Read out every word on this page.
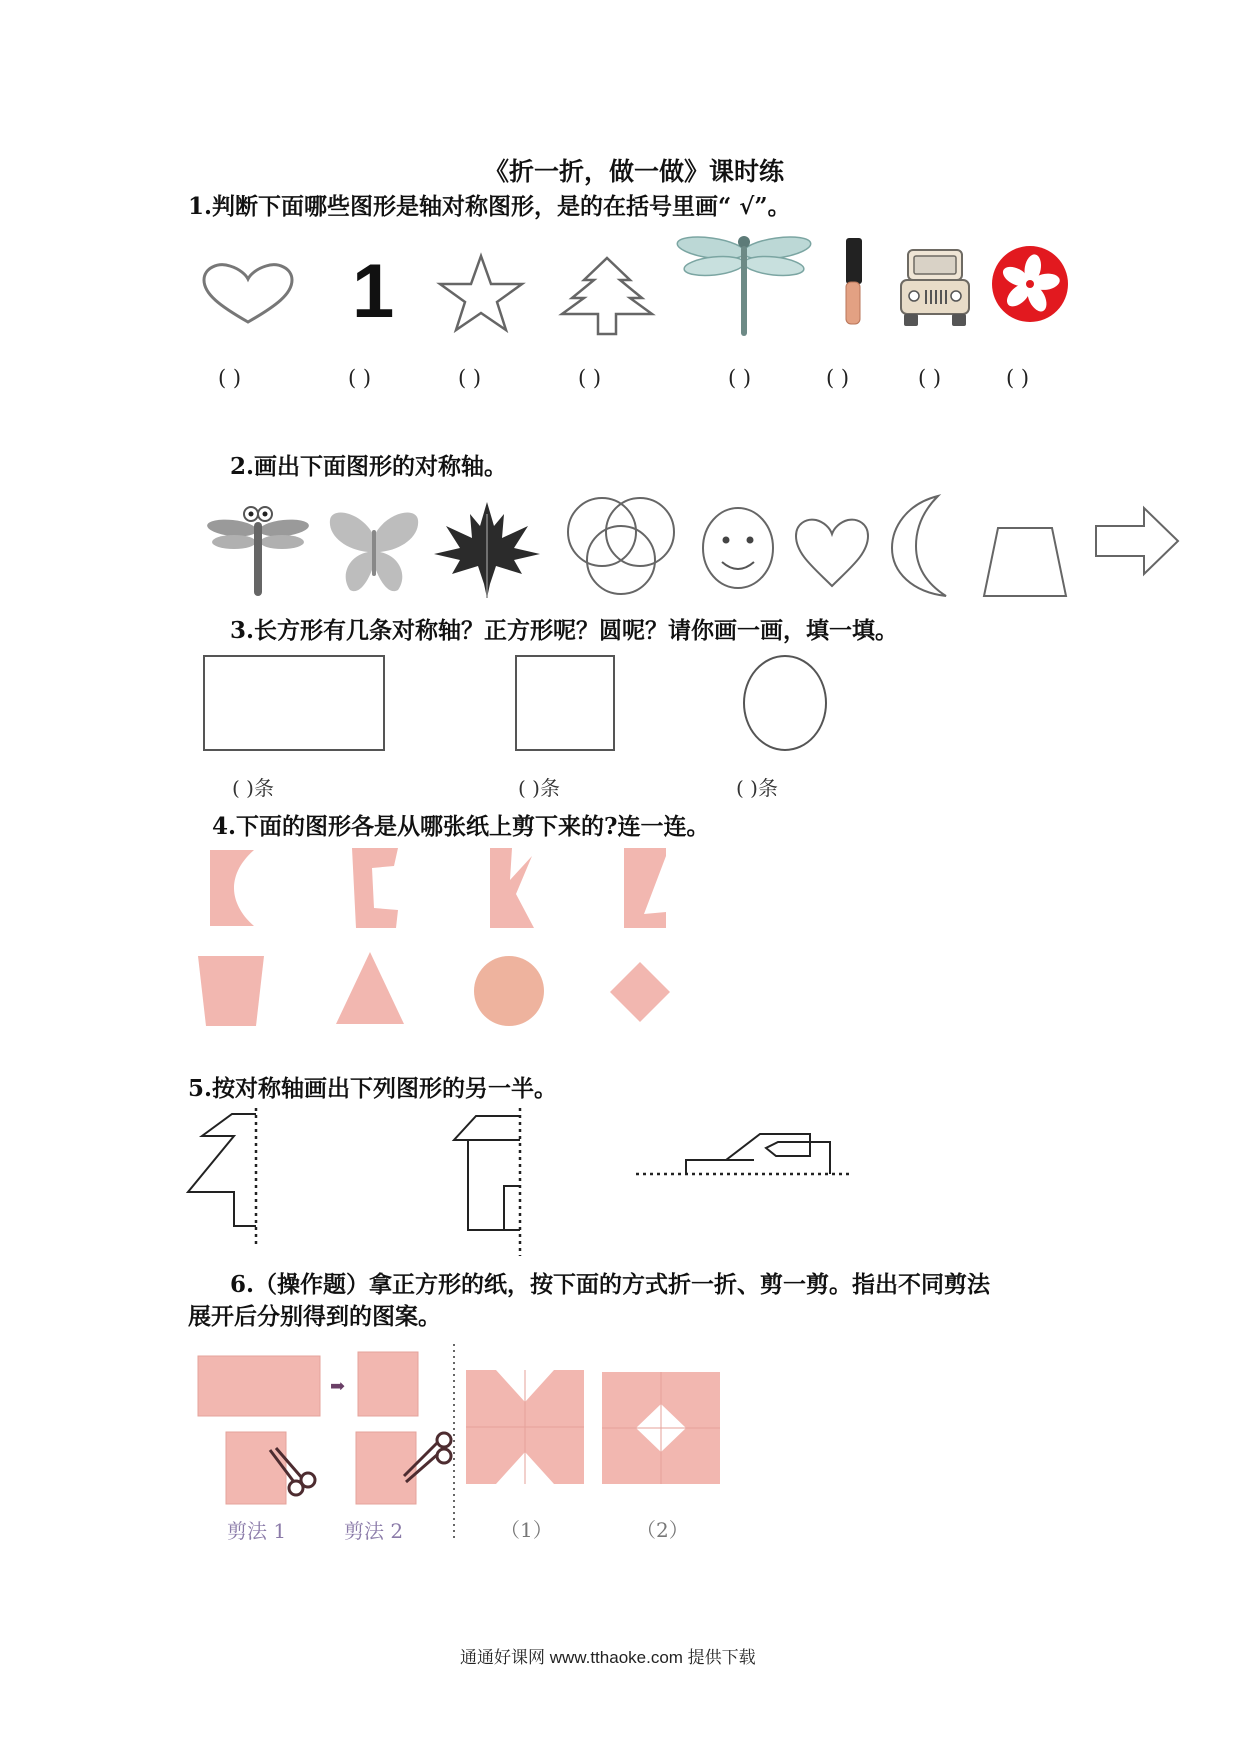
《折一折，做一做》课时练
1.判断下面哪些图形是轴对称图形，是的在括号里画“ √”。
1
( )	( )	( )	( )	( )	( )	( )	( )
2.画出下面图形的对称轴。
3.长方形有几条对称轴？正方形呢？圆呢？请你画一画，填一填。
( )条	( )条	( )条
4.下面的图形各是从哪张纸上剪下来的?连一连。
5.按对称轴画出下列图形的另一半。
6.（操作题）拿正方形的纸，按下面的方式折一折、剪一剪。指出不同剪法
展开后分别得到的图案。
➡
剪法 1	剪法 2	（1）	（2）
通通好课网 www.tthaoke.com 提供下载
